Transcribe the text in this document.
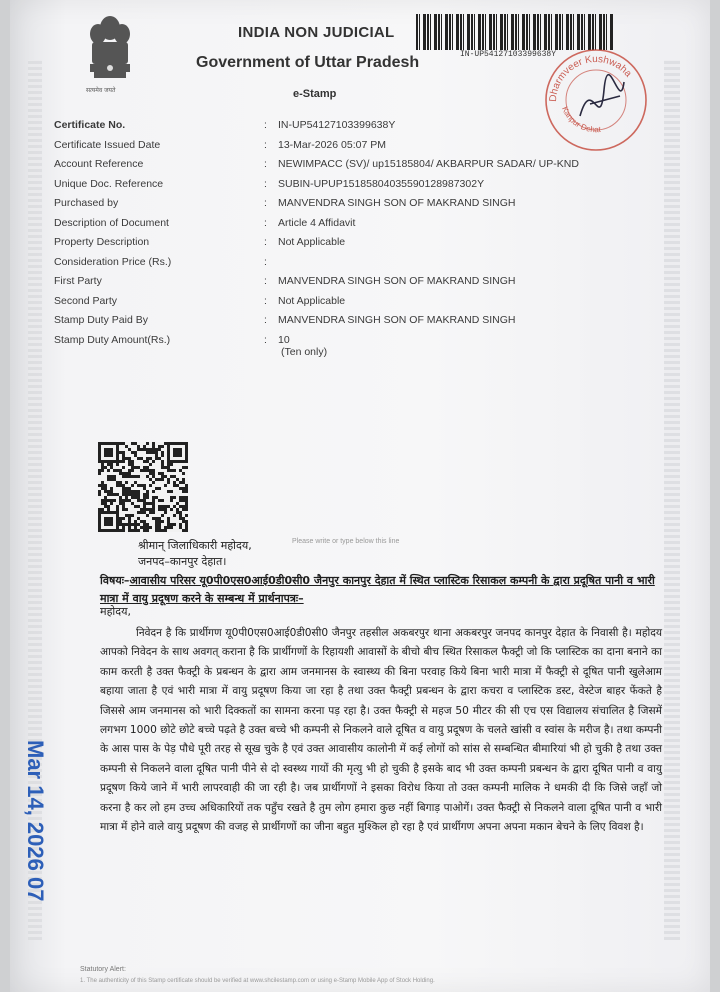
सत्यमेव जयते
INDIA NON JUDICIAL
Government of Uttar Pradesh
e-Stamp
IN-UP54127103399638Y
Dharmveer Kushwaha
Kanpur Dehat
Certificate No.	:	IN-UP54127103399638Y
Certificate Issued Date	:	13-Mar-2026 05:07 PM
Account Reference	:	NEWIMPACC (SV)/ up15185804/ AKBARPUR SADAR/ UP-KND
Unique Doc. Reference	:	SUBIN-UPUP15185804035590128987302Y
Purchased by	:	MANVENDRA SINGH SON OF MAKRAND SINGH
Description of Document	:	Article 4 Affidavit
Property Description	:	Not Applicable
Consideration Price (Rs.)	:
First Party	:	MANVENDRA SINGH SON OF MAKRAND SINGH
Second Party	:	Not Applicable
Stamp Duty Paid By	:	MANVENDRA SINGH SON OF MAKRAND SINGH
Stamp Duty Amount(Rs.)	:	10
(Ten only)
Please write or type below this line
श्रीमान् जिलाधिकारी महोदय,
जनपद–कानपुर देहात।
विषयः–आवासीय परिसर यू0पी0एस0आई0डी0सी0 जैनपुर कानपुर देहात में स्थित प्लास्टिक रिसाकल कम्पनी के द्वारा प्रदूषित पानी व भारी मात्रा में वायु प्रदूषण करने के सम्बन्ध में प्रार्थनापत्रः–
महोदय,
निवेदन है कि प्रार्थीगण यू0पी0एस0आई0डी0सी0 जैनपुर तहसील अकबरपुर थाना अकबरपुर जनपद कानपुर देहात के निवासी है। महोदय आपको निवेदन के साथ अवगत् कराना है कि प्रार्थीगणों के रिहायशी आवासों के बीचो बीच स्थित रिसाकल फैक्ट्री जो कि प्लास्टिक का दाना बनाने का काम करती है उक्त फैक्ट्री के प्रबन्धन के द्वारा आम जनमानस के स्वास्थ्य की बिना परवाह किये बिना भारी मात्रा में फैक्ट्री से दूषित पानी खुलेआम बहाया जाता है एवं भारी मात्रा में वायु प्रदूषण किया जा रहा है तथा उक्त फैक्ट्री प्रबन्धन के द्वारा कचरा व प्लास्टिक डस्ट, वेस्टेज बाहर फेंकते है जिससे आम जनमानस को भारी दिक्कतों का सामना करना पड़ रहा है। उक्त फैक्ट्री से महज 50 मीटर की सी एच एस विद्यालय संचालित है जिसमें लगभग 1000 छोटे छोटे बच्चे पढ़ते है उक्त बच्चे भी कम्पनी से निकलने वाले दूषित व वायु प्रदूषण के चलते खांसी व स्वांस के मरीज है। तथा कम्पनी के आस पास के पेड़ पौधे पूरी तरह से सूख चुके है एवं उक्त आवासीय कालोनी में कई लोगों को सांस से सम्बन्धित बीमारियां भी हो चुकी है तथा उक्त कम्पनी से निकलने वाला दूषित पानी पीने से दो स्वस्थ्य गायों की मृत्यु भी हो चुकी है इसके बाद भी उक्त कम्पनी प्रबन्धन के द्वारा दूषित पानी व वायु प्रदूषण किये जाने में भारी लापरवाही की जा रही है। जब प्रार्थीगणों ने इसका विरोध किया तो उक्त कम्पनी मालिक ने धमकी दी कि जिसे जहाँ जो करना है कर लो हम उच्च अधिकारियों तक पहुँच रखते है तुम लोग हमारा कुछ नहीं बिगाड़ पाओगें। उक्त फैक्ट्री से निकलने वाला दूषित पानी व भारी मात्रा में होने वाले वायु प्रदूषण की वजह से प्रार्थीगणों का जीना बहुत मुश्किल हो रहा है एवं प्रार्थीगण अपना अपना मकान बेचने के लिए विवश है।
Mar 14, 2026 07
Statutory Alert:
1. The authenticity of this Stamp certificate should be verified at www.shcilestamp.com or using e-Stamp Mobile App of Stock Holding.
